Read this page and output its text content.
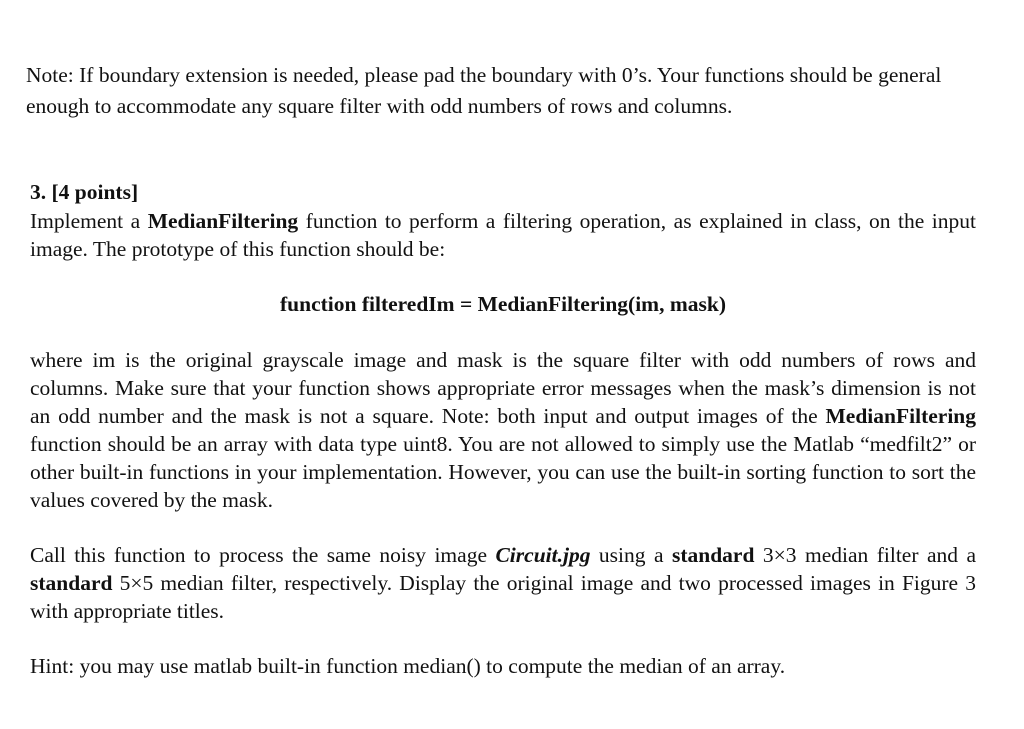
Note: If boundary extension is needed, please pad the boundary with 0’s. Your functions should be general enough to accommodate any square filter with odd numbers of rows and columns.
3. [4 points]
Implement a MedianFiltering function to perform a filtering operation, as explained in class, on the input image. The prototype of this function should be:
function filteredIm = MedianFiltering(im, mask)
where im is the original grayscale image and mask is the square filter with odd numbers of rows and columns. Make sure that your function shows appropriate error messages when the mask’s dimension is not an odd number and the mask is not a square. Note: both input and output images of the MedianFiltering function should be an array with data type uint8. You are not allowed to simply use the Matlab “medfilt2” or other built-in functions in your implementation. However, you can use the built-in sorting function to sort the values covered by the mask.
Call this function to process the same noisy image Circuit.jpg using a standard 3×3 median filter and a standard 5×5 median filter, respectively. Display the original image and two processed images in Figure 3 with appropriate titles.
Hint: you may use matlab built-in function median() to compute the median of an array.
